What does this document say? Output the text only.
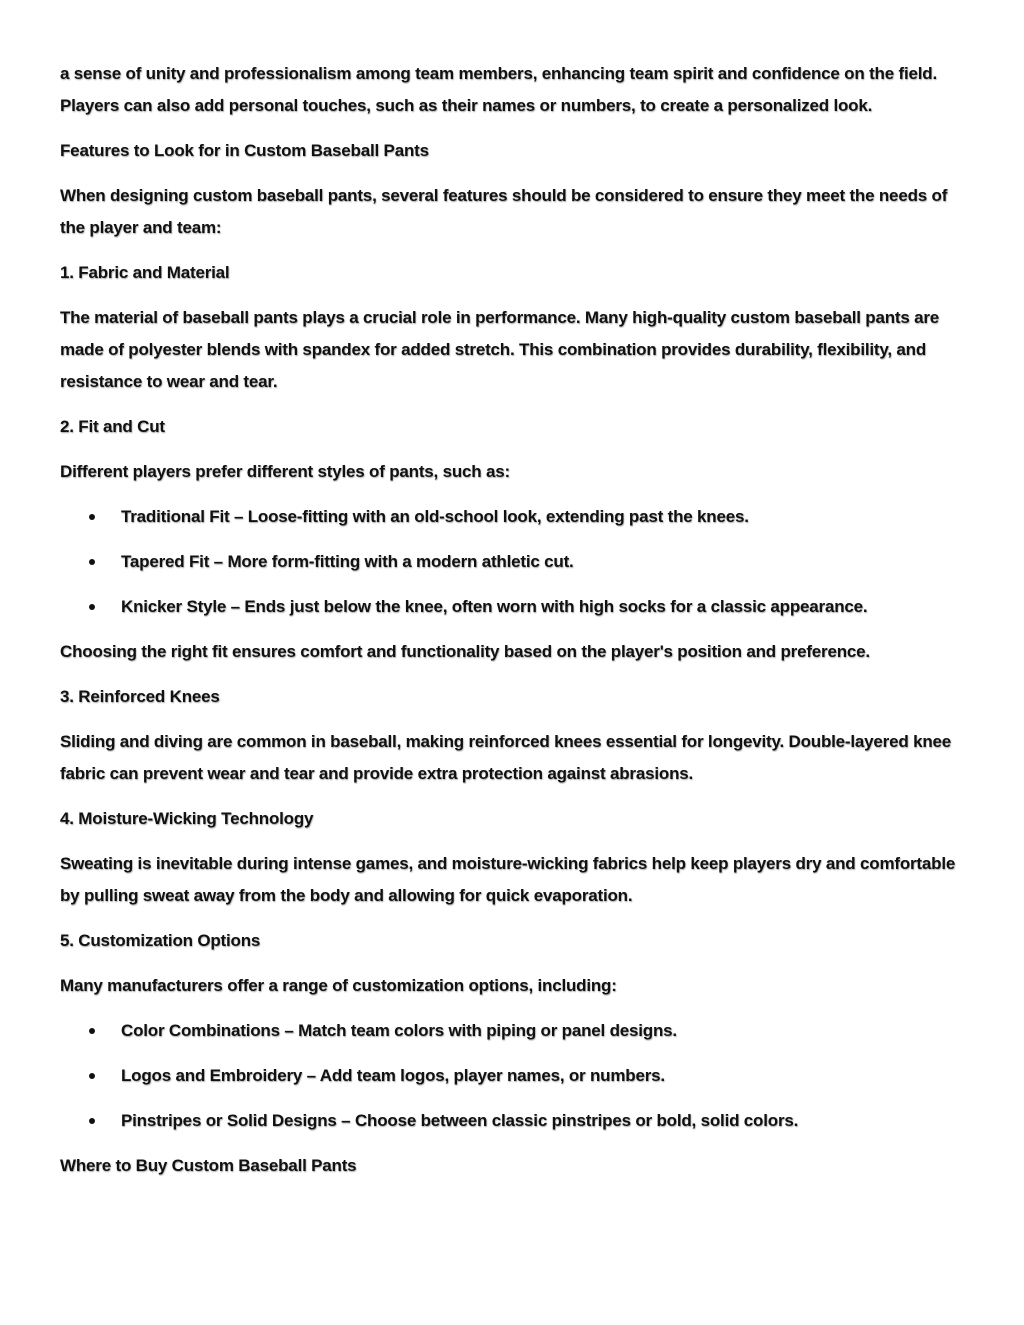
a sense of unity and professionalism among team members, enhancing team spirit and confidence on the field. Players can also add personal touches, such as their names or numbers, to create a personalized look.

Features to Look for in Custom Baseball Pants

When designing custom baseball pants, several features should be considered to ensure they meet the needs of the player and team:

1. Fabric and Material

The material of baseball pants plays a crucial role in performance. Many high-quality custom baseball pants are made of polyester blends with spandex for added stretch. This combination provides durability, flexibility, and resistance to wear and tear.

2. Fit and Cut

Different players prefer different styles of pants, such as:

Traditional Fit – Loose-fitting with an old-school look, extending past the knees.
Tapered Fit – More form-fitting with a modern athletic cut.
Knicker Style – Ends just below the knee, often worn with high socks for a classic appearance.

Choosing the right fit ensures comfort and functionality based on the player's position and preference.

3. Reinforced Knees

Sliding and diving are common in baseball, making reinforced knees essential for longevity. Double-layered knee fabric can prevent wear and tear and provide extra protection against abrasions.

4. Moisture-Wicking Technology

Sweating is inevitable during intense games, and moisture-wicking fabrics help keep players dry and comfortable by pulling sweat away from the body and allowing for quick evaporation.

5. Customization Options

Many manufacturers offer a range of customization options, including:

Color Combinations – Match team colors with piping or panel designs.
Logos and Embroidery – Add team logos, player names, or numbers.
Pinstripes or Solid Designs – Choose between classic pinstripes or bold, solid colors.

Where to Buy Custom Baseball Pants
